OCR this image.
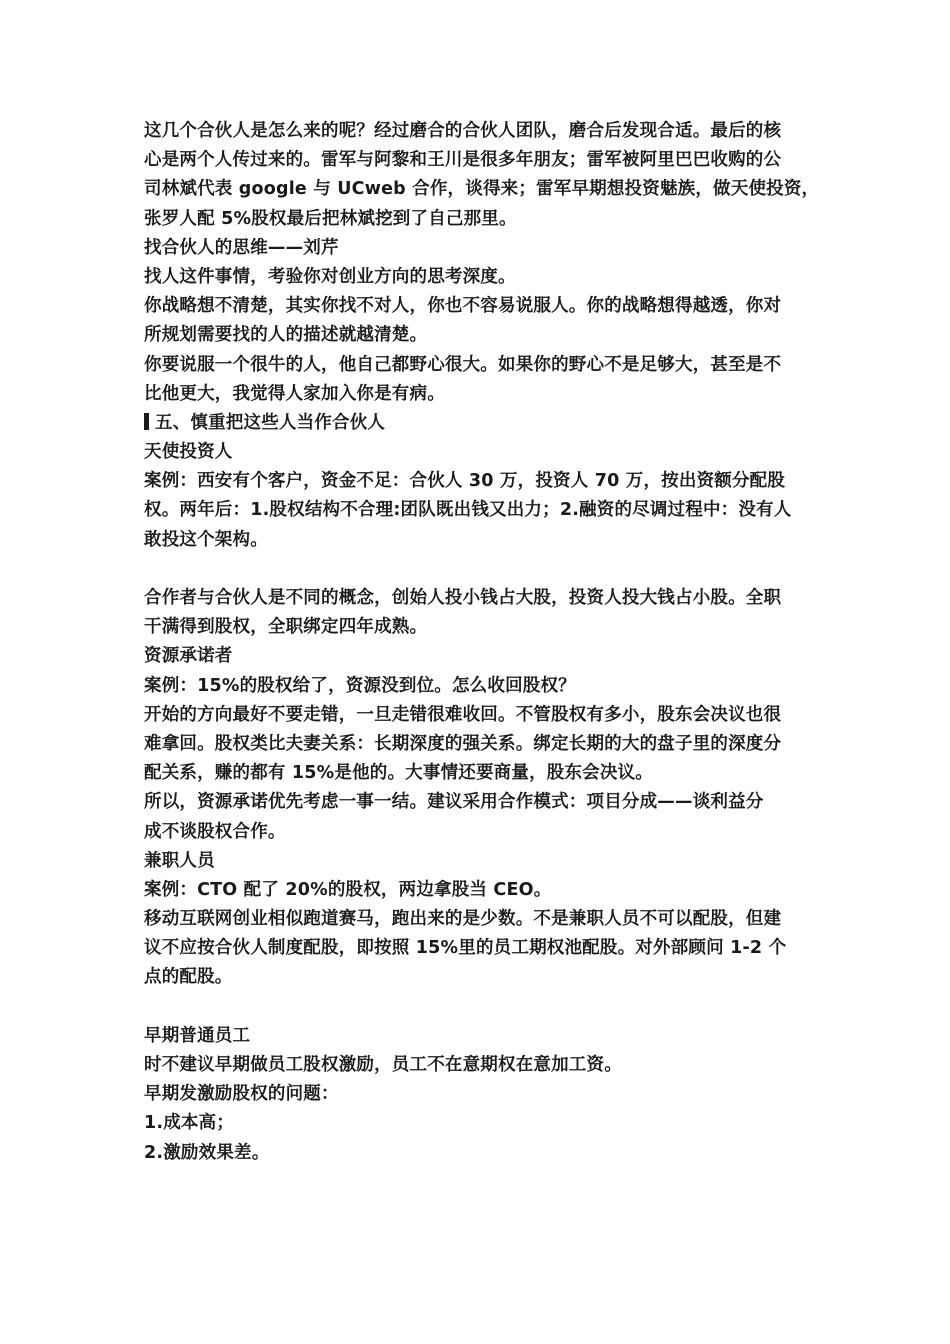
这几个合伙人是怎么来的呢？经过磨合的合伙人团队，磨合后发现合适。最后的核
心是两个人传过来的。雷军与阿黎和王川是很多年朋友；雷军被阿里巴巴收购的公
司林斌代表 google 与 UCweb 合作，谈得来；雷军早期想投资魅族，做天使投资，
张罗人配 5%股权最后把林斌挖到了自己那里。
找合伙人的思维——刘芹
找人这件事情，考验你对创业方向的思考深度。
你战略想不清楚，其实你找不对人，你也不容易说服人。你的战略想得越透，你对
所规划需要找的人的描述就越清楚。
你要说服一个很牛的人，他自己都野心很大。如果你的野心不是足够大，甚至是不
比他更大，我觉得人家加入你是有病。
五、慎重把这些人当作合伙人
天使投资人
案例：西安有个客户，资金不足：合伙人 30 万，投资人 70 万，按出资额分配股
权。两年后：1.股权结构不合理:团队既出钱又出力；2.融资的尽调过程中：没有人
敢投这个架构。
合作者与合伙人是不同的概念，创始人投小钱占大股，投资人投大钱占小股。全职
干满得到股权，全职绑定四年成熟。
资源承诺者
案例：15%的股权给了，资源没到位。怎么收回股权？
开始的方向最好不要走错，一旦走错很难收回。不管股权有多小，股东会决议也很
难拿回。股权类比夫妻关系：长期深度的强关系。绑定长期的大的盘子里的深度分
配关系，赚的都有 15%是他的。大事情还要商量，股东会决议。
所以，资源承诺优先考虑一事一结。建议采用合作模式：项目分成——谈利益分
成不谈股权合作。
兼职人员
案例：CTO 配了 20%的股权，两边拿股当 CEO。
移动互联网创业相似跑道赛马，跑出来的是少数。不是兼职人员不可以配股，但建
议不应按合伙人制度配股，即按照 15%里的员工期权池配股。对外部顾问 1-2 个
点的配股。
早期普通员工
时不建议早期做员工股权激励，员工不在意期权在意加工资。
早期发激励股权的问题：
1.成本高；
2.激励效果差。
